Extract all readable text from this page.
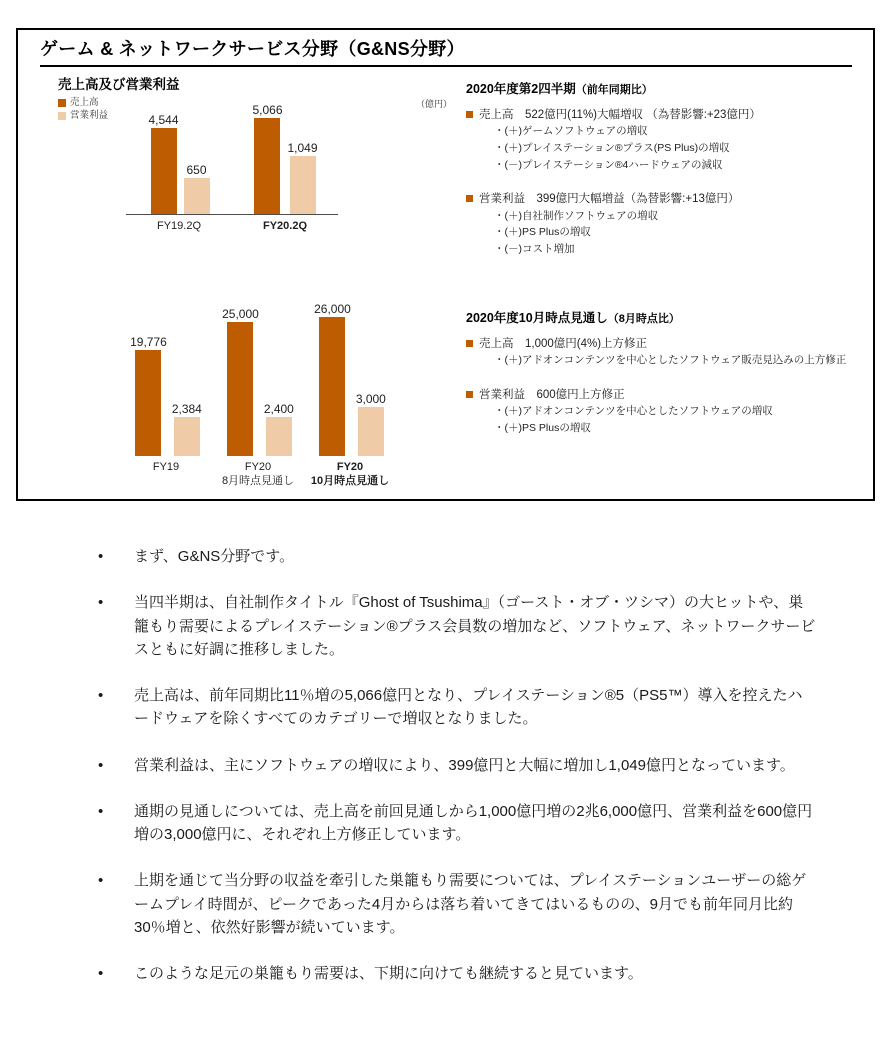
ゲーム & ネットワークサービス分野（G&NS分野）
売上高及び営業利益
売上高
営業利益
（億円）
4,544
650
5,066
1,049
FY19.2Q	FY20.2Q
19,776
2,384
25,000
2,400
26,000
3,000
FY19	FY20
8月時点見通し
FY20
10月時点見通し
2020年度第2四半期（前年同期比）
売上高　522億円(11%)大幅増収 （為替影響:+23億円）
・(＋)ゲームソフトウェアの増収
・(＋)プレイステーション®プラス(PS Plus)の増収
・(－)プレイステーション®4ハードウェアの減収
営業利益　399億円大幅増益（為替影響:+13億円）
・(＋)自社制作ソフトウェアの増収
・(＋)PS Plusの増収
・(－)コスト増加
2020年度10月時点見通し（8月時点比）
売上高　1,000億円(4%)上方修正
・(＋)アドオンコンテンツを中心としたソフトウェア販売見込みの上方修正
営業利益　600億円上方修正
・(＋)アドオンコンテンツを中心としたソフトウェアの増収
・(＋)PS Plusの増収
• まず、G&NS分野です。
• 当四半期は、自社制作タイトル『Ghost of Tsushima』（ゴースト・オブ・ツシマ）の大ヒットや、巣籠もり需要によるプレイステーション®プラス会員数の増加など、ソフトウェア、ネットワークサービスともに好調に推移しました。
• 売上高は、前年同期比11％増の5,066億円となり、プレイステーション®5（PS5™）導入を控えたハードウェアを除くすべてのカテゴリーで増収となりました。
• 営業利益は、主にソフトウェアの増収により、399億円と大幅に増加し1,049億円となっています。
• 通期の見通しについては、売上高を前回見通しから1,000億円増の2兆6,000億円、営業利益を600億円増の3,000億円に、それぞれ上方修正しています。
• 上期を通じて当分野の収益を牽引した巣籠もり需要については、プレイステーションユーザーの総ゲームプレイ時間が、ピークであった4月からは落ち着いてきてはいるものの、9月でも前年同月比約30％増と、依然好影響が続いています。
• このような足元の巣籠もり需要は、下期に向けても継続すると見ています。
